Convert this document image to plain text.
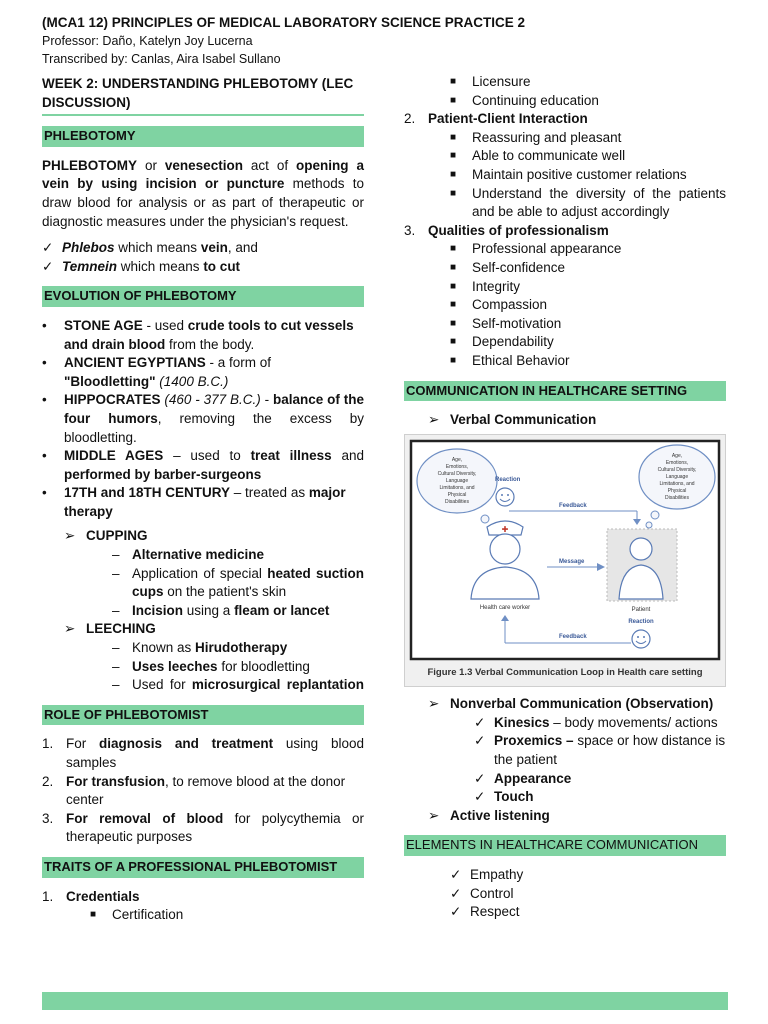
(MCA1 12) PRINCIPLES OF MEDICAL LABORATORY SCIENCE PRACTICE 2
Professor: Daño, Katelyn Joy Lucerna
Transcribed by: Canlas, Aira Isabel Sullano
WEEK 2: UNDERSTANDING PHLEBOTOMY (LEC DISCUSSION)
PHLEBOTOMY
PHLEBOTOMY or venesection act of opening a vein by using incision or puncture methods to draw blood for analysis or as part of therapeutic or diagnostic measures under the physician's request.
✓ Phlebos which means vein, and
✓ Temnein which means to cut
EVOLUTION OF PHLEBOTOMY
•	STONE AGE - used crude tools to cut vessels and drain blood from the body.
•	ANCIENT EGYPTIANS - a form of "Bloodletting" (1400 B.C.)
•	HIPPOCRATES (460 - 377 B.C.) - balance of the four humors, removing the excess by bloodletting.
•	MIDDLE AGES – used to treat illness and performed by barber-surgeons
•	17TH and 18TH CENTURY – treated as major therapy
➢ CUPPING
– Alternative medicine
– Application of special heated suction cups on the patient's skin
– Incision using a fleam or lancet
➢ LEECHING
– Known as Hirudotherapy
– Uses leeches for bloodletting
– Used for microsurgical replantation
ROLE OF PHLEBOTOMIST
1. For diagnosis and treatment using blood samples
2. For transfusion, to remove blood at the donor center
3. For removal of blood for polycythemia or therapeutic purposes
TRAITS OF A PROFESSIONAL PHLEBOTOMIST
1. Credentials
■	Certification
■	Licensure
■	Continuing education
2. Patient-Client Interaction
■	Reassuring and pleasant
■	Able to communicate well
■	Maintain positive customer relations
■	Understand the diversity of the patients and be able to adjust accordingly
3. Qualities of professionalism
■	Professional appearance
■	Self-confidence
■	Integrity
■	Compassion
■	Self-motivation
■	Dependability
■	Ethical Behavior
COMMUNICATION IN HEALTHCARE SETTING
➢ Verbal Communication
Age,
Emotions,
Cultural Diversity,
Language
Limitations, and
Physical
Disabilities
Age,
Emotions,
Cultural Diversity,
Language
Limitations, and
Physical
Disabilities
Reaction
Feedback
✚
Health care worker
Message
Patient
Reaction
Feedback
Figure 1.3 Verbal Communication Loop in Health care setting
➢ Nonverbal Communication (Observation)
✓ Kinesics – body movements/ actions
✓ Proxemics – space or how distance is the patient
✓ Appearance
✓ Touch
➢ Active listening
ELEMENTS IN HEALTHCARE COMMUNICATION
✓ Empathy
✓ Control
✓ Respect
